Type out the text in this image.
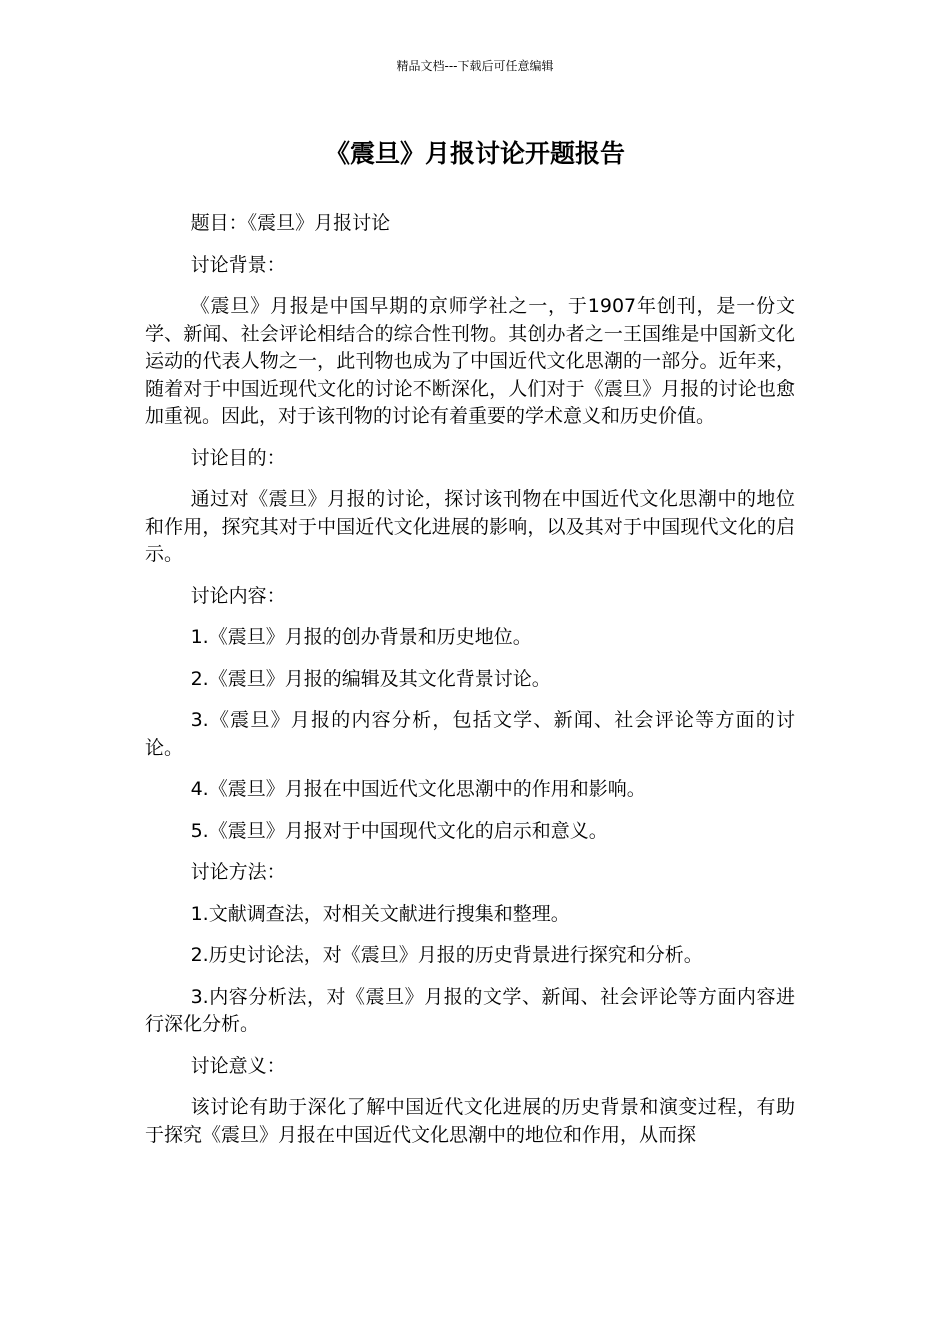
精品文档---下载后可任意编辑
《震旦》月报讨论开题报告

题目：《震旦》月报讨论

讨论背景：

《震旦》月报是中国早期的京师学社之一，于1907年创刊，是一份文学、新闻、社会评论相结合的综合性刊物。其创办者之一王国维是中国新文化运动的代表人物之一，此刊物也成为了中国近代文化思潮的一部分。近年来，随着对于中国近现代文化的讨论不断深化，人们对于《震旦》月报的讨论也愈加重视。因此，对于该刊物的讨论有着重要的学术意义和历史价值。

讨论目的：

通过对《震旦》月报的讨论，探讨该刊物在中国近代文化思潮中的地位和作用，探究其对于中国近代文化进展的影响，以及其对于中国现代文化的启示。

讨论内容：

1.《震旦》月报的创办背景和历史地位。

2.《震旦》月报的编辑及其文化背景讨论。

3.《震旦》月报的内容分析，包括文学、新闻、社会评论等方面的讨论。

4.《震旦》月报在中国近代文化思潮中的作用和影响。

5.《震旦》月报对于中国现代文化的启示和意义。

讨论方法：

1.文献调查法，对相关文献进行搜集和整理。

2.历史讨论法，对《震旦》月报的历史背景进行探究和分析。

3.内容分析法，对《震旦》月报的文学、新闻、社会评论等方面内容进行深化分析。

讨论意义：

该讨论有助于深化了解中国近代文化进展的历史背景和演变过程，有助于探究《震旦》月报在中国近代文化思潮中的地位和作用，从而探
